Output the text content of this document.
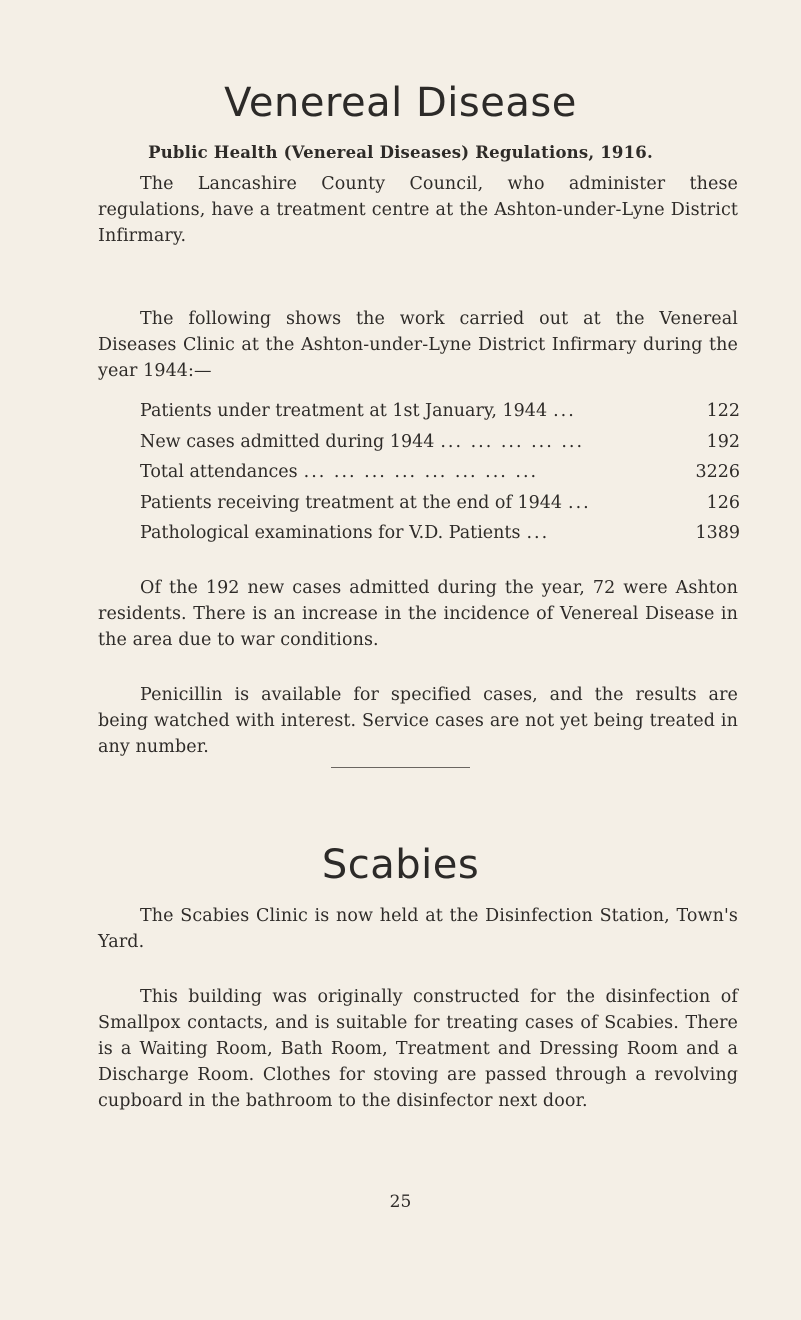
Venereal Disease
Public Health (Venereal Diseases) Regulations, 1916.

The Lancashire County Council, who administer these regulations, have a treatment centre at the Ashton-under-Lyne District Infirmary.

The following shows the work carried out at the Venereal Diseases Clinic at the Ashton-under-Lyne District Infirmary during the year 1944:—

Patients under treatment at 1st January, 1944 ...	122
New cases admitted during 1944 ... ... ... ... ...	192
Total attendances ... ... ... ... ... ... ... ...	3226
Patients receiving treatment at the end of 1944 ...	126
Pathological examinations for V.D. Patients ...	1389

Of the 192 new cases admitted during the year, 72 were Ashton residents. There is an increase in the incidence of Venereal Disease in the area due to war conditions.

Penicillin is available for specified cases, and the results are being watched with interest. Service cases are not yet being treated in any number.

Scabies

The Scabies Clinic is now held at the Disinfection Station, Town's Yard.

This building was originally constructed for the disinfection of Smallpox contacts, and is suitable for treating cases of Scabies. There is a Waiting Room, Bath Room, Treatment and Dressing Room and a Discharge Room. Clothes for stoving are passed through a revolving cupboard in the bathroom to the disinfector next door.

25
